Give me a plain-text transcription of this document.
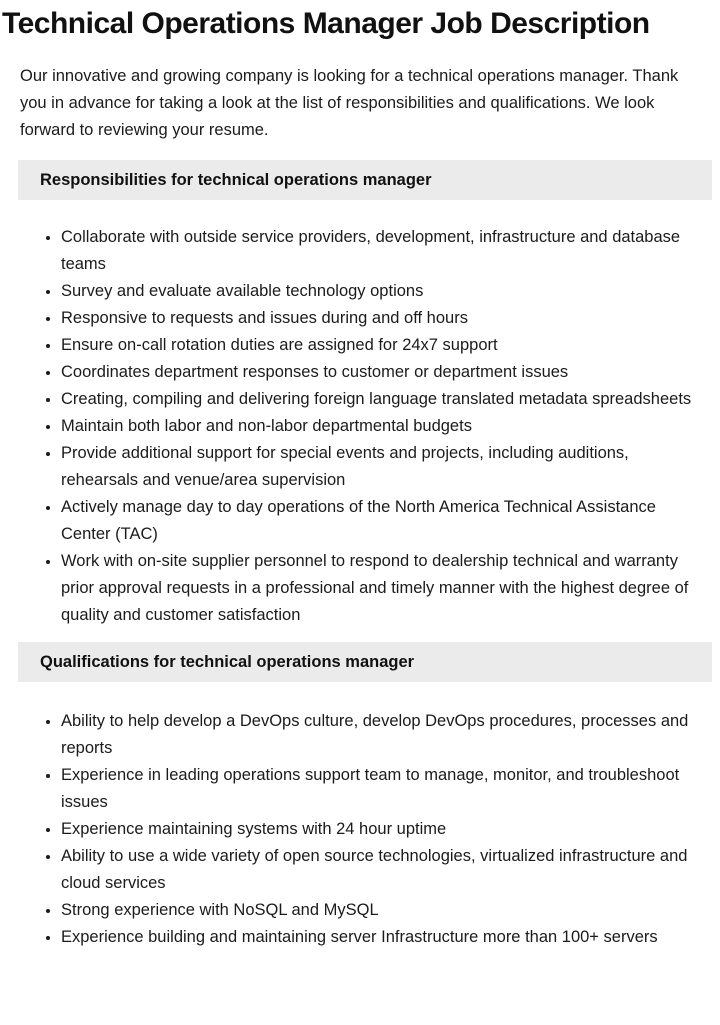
Technical Operations Manager Job Description

Our innovative and growing company is looking for a technical operations manager. Thank you in advance for taking a look at the list of responsibilities and qualifications. We look forward to reviewing your resume.

Responsibilities for technical operations manager
• Collaborate with outside service providers, development, infrastructure and database teams
• Survey and evaluate available technology options
• Responsive to requests and issues during and off hours
• Ensure on-call rotation duties are assigned for 24x7 support
• Coordinates department responses to customer or department issues
• Creating, compiling and delivering foreign language translated metadata spreadsheets
• Maintain both labor and non-labor departmental budgets
• Provide additional support for special events and projects, including auditions, rehearsals and venue/area supervision
• Actively manage day to day operations of the North America Technical Assistance Center (TAC)
• Work with on-site supplier personnel to respond to dealership technical and warranty prior approval requests in a professional and timely manner with the highest degree of quality and customer satisfaction
Qualifications for technical operations manager
• Ability to help develop a DevOps culture, develop DevOps procedures, processes and reports
• Experience in leading operations support team to manage, monitor, and troubleshoot issues
• Experience maintaining systems with 24 hour uptime
• Ability to use a wide variety of open source technologies, virtualized infrastructure and cloud services
• Strong experience with NoSQL and MySQL
• Experience building and maintaining server Infrastructure more than 100+ servers
